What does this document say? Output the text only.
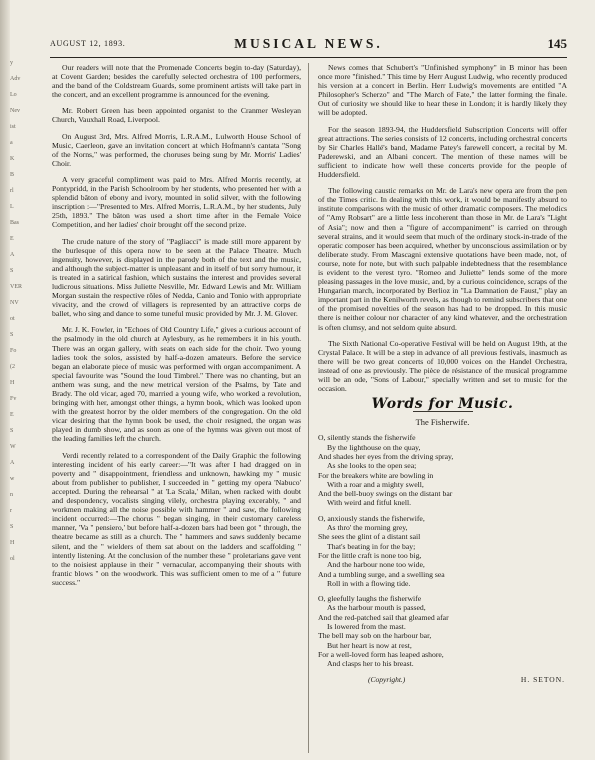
y
Adv
Lo
Nev
ist
a
K
B
rl
L
Bas
E
A
S
VER
NV
ot
S
Fo
(2
H
Fv
E
S
W
A
w
n
r
S
H
ol
AUGUST 12, 1893.	MUSICAL NEWS.	145

Our readers will note that the Promenade Concerts begin to-day (Saturday), at Covent Garden; besides the carefully selected orchestra of 100 performers, and the band of the Coldstream Guards, some prominent artists will take part in the concert, and an excellent programme is announced for the evening.

Mr. Robert Green has been appointed organist to the Cranmer Wesleyan Church, Vauxhall Road, Liverpool.

On August 3rd, Mrs. Alfred Morris, L.R.A.M., Lulworth House School of Music, Caerleon, gave an invitation concert at which Hofmann's cantata "Song of the Norns," was performed, the choruses being sung by Mr. Morris' Ladies' Choir.

A very graceful compliment was paid to Mrs. Alfred Morris recently, at Pontypridd, in the Parish Schoolroom by her students, who presented her with a splendid bâton of ebony and ivory, mounted in solid silver, with the following inscription :—"Presented to Mrs. Alfred Morris, L.R.A.M., by her students, July 25th, 1893." The bâton was used a short time after in the Female Voice Competition, and her ladies' choir brought off the second prize.

The crude nature of the story of "Pagliacci" is made still more apparent by the burlesque of this opera now to be seen at the Palace Theatre. Much ingenuity, however, is displayed in the parody both of the text and the music, and although the subject-matter is unpleasant and in itself of but sorry humour, it is treated in a satirical fashion, which sustains the interest and provides several ludicrous situations. Miss Juliette Nesville, Mr. Edward Lewis and Mr. William Morgan sustain the respective rôles of Nedda, Canio and Tonio with appropriate vivacity, and the crowd of villagers is represented by an attractive corps de ballet, who sing and dance to some tuneful music provided by Mr. J. M. Glover.

Mr. J. K. Fowler, in "Echoes of Old Country Life," gives a curious account of the psalmody in the old church at Aylesbury, as he remembers it in his youth. There was an organ gallery, with seats on each side for the choir. Two young ladies took the solos, assisted by half-a-dozen amateurs. Before the service began an elaborate piece of music was performed with organ accompaniment. A special favourite was "Sound the loud Timbrel." There was no chanting, but an anthem was sung, and the new metrical version of the Psalms, by Tate and Brady. The old vicar, aged 70, married a young wife, who worked a revolution, bringing with her, amongst other things, a hymn book, which was looked upon with the greatest horror by the older members of the congregation. On the old vicar desiring that the hymn book be used, the choir resigned, the organ was played in dumb show, and as soon as one of the hymns was given out most of the leading families left the church.

Verdi recently related to a correspondent of the Daily Graphic the following interesting incident of his early career:—"It was after I had dragged on in poverty and " disappointment, friendless and unknown, hawking my " music about from publisher to publisher, I succeeded in " getting my opera 'Nabuco' accepted. During the rehearsal " at 'La Scala,' Milan, when racked with doubt and despondency, vocalists singing vilely, orchestra playing excerably, " and workmen making all the noise possible with hammer " and saw, the following incident occurred:—The chorus " began singing, in their customary careless manner, 'Va " pensiero,' but before half-a-dozen bars had been got " through, the theatre became as still as a church. The " hammers and saws suddenly became silent, and the " wielders of them sat about on the ladders and scaffolding " intently listening. At the conclusion of the number these " proletarians gave vent to the noisiest applause in their " vernacular, accompanying their shouts with frantic blows " on the woodwork. This was sufficient omen to me of a " future success."

News comes that Schubert's "Unfinished symphony" in B minor has been once more "finished." This time by Herr August Ludwig, who recently produced his version at a concert in Berlin. Herr Ludwig's movements are entitled "A Philosopher's Scherzo" and "The March of Fate," the latter forming the finale. Out of curiosity we should like to hear these in London; it is hardly likely they will be adopted.

For the season 1893-94, the Huddersfield Subscription Concerts will offer great attractions. The series consists of 12 concerts, including orchestral concerts by Sir Charles Hallé's band, Madame Patey's farewell concert, a recital by M. Paderewski, and an Albani concert. The mention of these names will be sufficient to indicate how well these concerts provide for the people of Huddersfield.

The following caustic remarks on Mr. de Lara's new opera are from the pen of the Times critic. In dealing with this work, it would be manifestly absurd to institute comparisons with the music of other dramatic composers. The melodics of "Amy Robsart" are a little less incoherent than those in Mr. de Lara's "Light of Asia"; now and then a "figure of accompaniment" is carried on through several strains, and it would seem that much of the ordinary stock-in-trade of the operatic composer has been acquired, whether by unconscious assimilation or by deliberate study. From Mascagni extensive quotations have been made, not, of course, note for note, but with such palpable indebtedness that the resemblance is evident to the verest tyro. "Romeo and Juliette" lends some of the more pleasing passages in the love music, and, by a curious coincidence, scraps of the Hungarian march, incorporated by Berlioz in "La Damnation de Faust," play an important part in the Kenilworth revels, as though to remind subscribers that one of the promised novelties of the season has had to be dropped. In this music there is neither colour nor character of any kind whatever, and the orchestration is often clumsy, and not seldom quite absurd.

The Sixth National Co-operative Festival will be held on August 19th, at the Crystal Palace. It will be a step in advance of all previous festivals, inasmuch as there will be two great concerts of 10,000 voices on the Handel Orchestra, instead of one as previously. The pièce de résistance of the musical programme will be an ode, "Sons of Labour," specially written and set to music for the occasion.

Words for Music.
The Fisherwife.
O, silently stands the fisherwife
By the lighthouse on the quay,
And shades her eyes from the driving spray,
As she looks to the open sea;
For the breakers white are bowling in
With a roar and a mighty swell,
And the bell-buoy swings on the distant bar
With weird and fitful knell.
O, anxiously stands the fisherwife,
As thro' the morning grey,
She sees the glint of a distant sail
That's beating in for the bay;
For the little craft is none too big,
And the harbour none too wide,
And a tumbling surge, and a swelling sea
Roll in with a flowing tide.
O, gleefully laughs the fisherwife
As the harbour mouth is passed,
And the red-patched sail that gleamed afar
Is lowered from the mast.
The bell may sob on the harbour bar,
But her heart is now at rest,
For a well-loved form has leaped ashore,
And clasps her to his breast.
(Copyright.)	H. SETON.
